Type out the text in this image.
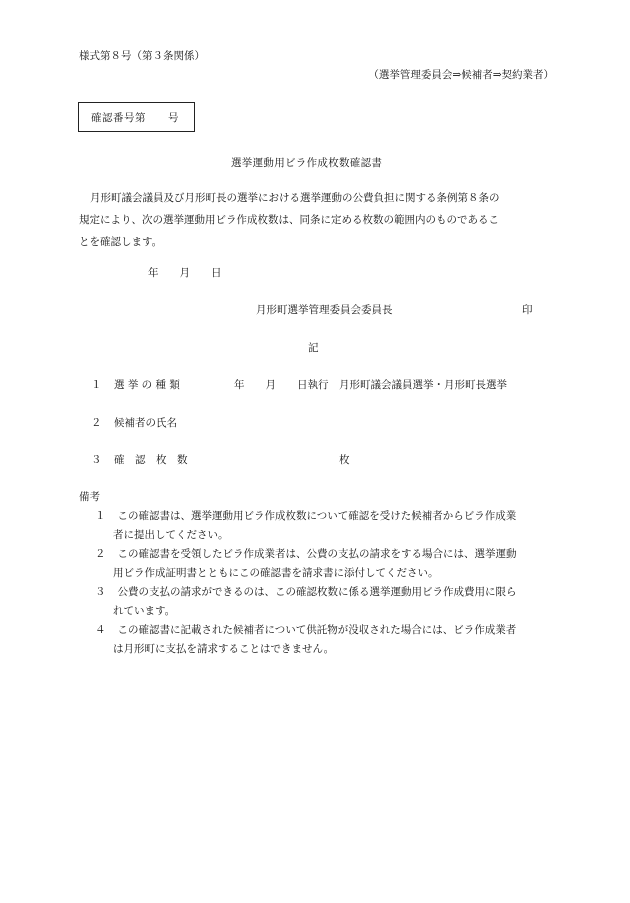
様式第８号（第３条関係）
（選挙管理委員会⇒候補者⇒契約業者）
確認番号第　　号
選挙運動用ビラ作成枚数確認書
月形町議会議員及び月形町長の選挙における選挙運動の公費負担に関する条例第８条の
規定により、次の選挙運動用ビラ作成枚数は、同条に定める枚数の範囲内のものであるこ
とを確認します。
年　　月　　日
月形町選挙管理委員会委員長	印
記
１ 選 挙 の 種 類	年　　月　　日執行　月形町議会議員選挙・月形町長選挙
２ 候補者の氏名
３ 確　認　枚　数	枚
備考
１　 この確認書は、選挙運動用ビラ作成枚数について確認を受けた候補者からビラ作成業
者に提出してください。
２　 この確認書を受領したビラ作成業者は、公費の支払の請求をする場合には、選挙運動
用ビラ作成証明書とともにこの確認書を請求書に添付してください。
３　 公費の支払の請求ができるのは、この確認枚数に係る選挙運動用ビラ作成費用に限ら
れています。
４　 この確認書に記載された候補者について供託物が没収された場合には、ビラ作成業者
は月形町に支払を請求することはできません。
